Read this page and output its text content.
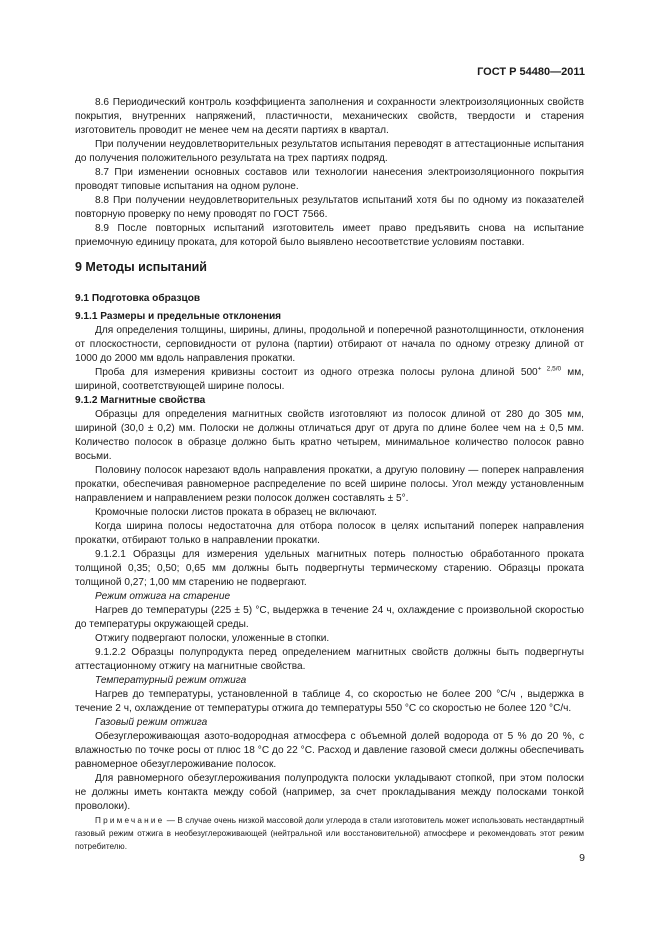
ГОСТ Р 54480—2011

8.6 Периодический контроль коэффициента заполнения и сохранности электроизоляционных свойств покрытия, внутренних напряжений, пластичности, механических свойств, твердости и старения изготовитель проводит не менее чем на десяти партиях в квартал.

При получении неудовлетворительных результатов испытания переводят в аттестационные испытания до получения положительного результата на трех партиях подряд.

8.7 При изменении основных составов или технологии нанесения электроизоляционного покрытия проводят типовые испытания на одном рулоне.

8.8 При получении неудовлетворительных результатов испытаний хотя бы по одному из показателей повторную проверку по нему проводят по ГОСТ 7566.

8.9 После повторных испытаний изготовитель имеет право предъявить снова на испытание приемочную единицу проката, для которой было выявлено несоответствие условиям поставки.

9 Методы испытаний

9.1 Подготовка образцов

9.1.1 Размеры и предельные отклонения

Для определения толщины, ширины, длины, продольной и поперечной разнотолщинности, отклонения от плоскостности, серповидности от рулона (партии) отбирают от начала по одному отрезку длиной от 1000 до 2000 мм вдоль направления прокатки.

Проба для измерения кривизны состоит из одного отрезка полосы рулона длиной $500^{+ 2,5/0}$ мм, шириной, соответствующей ширине полосы.

9.1.2 Магнитные свойства

Образцы для определения магнитных свойств изготовляют из полосок длиной от 280 до 305 мм, шириной (30,0 ± 0,2) мм. Полоски не должны отличаться друг от друга по длине более чем на ± 0,5 мм. Количество полосок в образце должно быть кратно четырем, минимальное количество полосок равно восьми.

Половину полосок нарезают вдоль направления прокатки, а другую половину — поперек направления прокатки, обеспечивая равномерное распределение по всей ширине полосы. Угол между установленным направлением и направлением резки полосок должен составлять ± 5°.

Кромочные полоски листов проката в образец не включают.

Когда ширина полосы недостаточна для отбора полосок в целях испытаний поперек направления прокатки, отбирают только в направлении прокатки.

9.1.2.1 Образцы для измерения удельных магнитных потерь полностью обработанного проката толщиной 0,35; 0,50; 0,65 мм должны быть подвергнуты термическому старению. Образцы проката толщиной 0,27; 1,00 мм старению не подвергают.

Режим отжига на старение

Нагрев до температуры (225 ± 5) °С, выдержка в течение 24 ч, охлаждение с произвольной скоростью до температуры окружающей среды.

Отжигу подвергают полоски, уложенные в стопки.

9.1.2.2 Образцы полупродукта перед определением магнитных свойств должны быть подвергнуты аттестационному отжигу на магнитные свойства.

Температурный режим отжига

Нагрев до температуры, установленной в таблице 4, со скоростью не более 200 °С/ч , выдержка в течение 2 ч, охлаждение от температуры отжига до температуры 550 °С со скоростью не более 120 °С/ч.

Газовый режим отжига

Обезуглероживающая азото-водородная атмосфера с объемной долей водорода от 5 % до 20 %, с влажностью по точке росы от плюс 18 °С до 22 °С. Расход и давление газовой смеси должны обеспечивать равномерное обезуглероживание полосок.

Для равномерного обезуглероживания полупродукта полоски укладывают стопкой, при этом полоски не должны иметь контакта между собой (например, за счет прокладывания между полосками тонкой проволоки).

Примечание — В случае очень низкой массовой доли углерода в стали изготовитель может использовать нестандартный газовый режим отжига в необезуглероживающей (нейтральной или восстановительной) атмосфере и рекомендовать этот режим потребителю.

9
